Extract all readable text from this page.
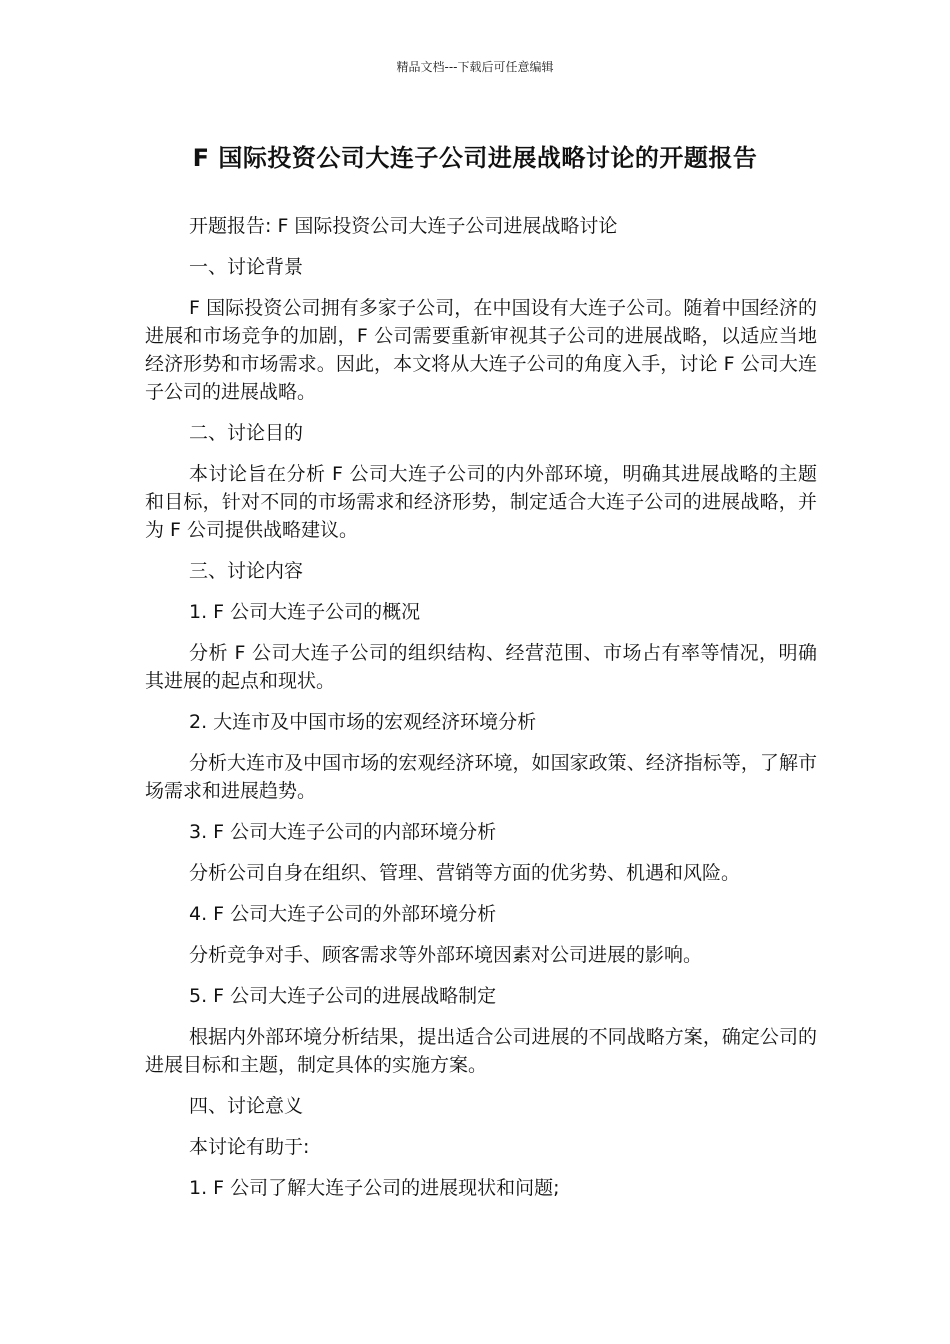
精品文档---下载后可任意编辑
F 国际投资公司大连子公司进展战略讨论的开题报告

开题报告: F 国际投资公司大连子公司进展战略讨论

一、讨论背景

F 国际投资公司拥有多家子公司，在中国设有大连子公司。随着中国经济的进展和市场竞争的加剧，F 公司需要重新审视其子公司的进展战略，以适应当地经济形势和市场需求。因此，本文将从大连子公司的角度入手，讨论 F 公司大连子公司的进展战略。

二、讨论目的

本讨论旨在分析 F 公司大连子公司的内外部环境，明确其进展战略的主题和目标，针对不同的市场需求和经济形势，制定适合大连子公司的进展战略，并为 F 公司提供战略建议。

三、讨论内容

1. F 公司大连子公司的概况

分析 F 公司大连子公司的组织结构、经营范围、市场占有率等情况，明确其进展的起点和现状。

2. 大连市及中国市场的宏观经济环境分析

分析大连市及中国市场的宏观经济环境，如国家政策、经济指标等，了解市场需求和进展趋势。

3. F 公司大连子公司的内部环境分析

分析公司自身在组织、管理、营销等方面的优劣势、机遇和风险。

4. F 公司大连子公司的外部环境分析

分析竞争对手、顾客需求等外部环境因素对公司进展的影响。

5. F 公司大连子公司的进展战略制定

根据内外部环境分析结果，提出适合公司进展的不同战略方案，确定公司的进展目标和主题，制定具体的实施方案。

四、讨论意义

本讨论有助于:

1. F 公司了解大连子公司的进展现状和问题;
